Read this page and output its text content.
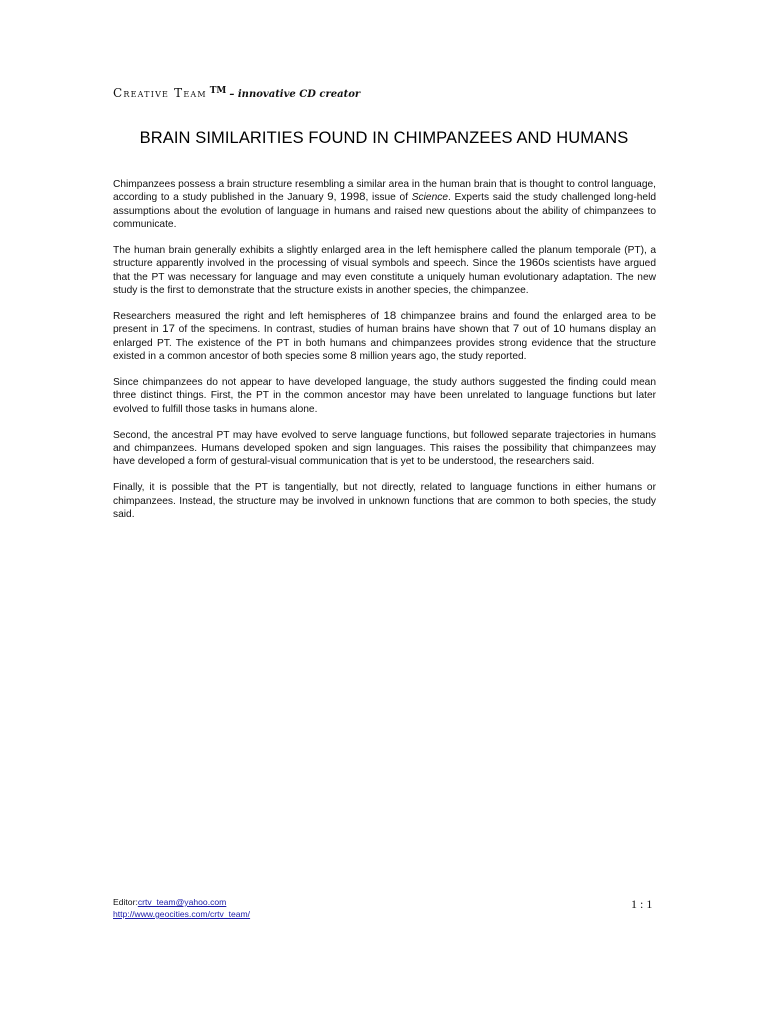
Creative Team ™ – innovative CD creator
BRAIN SIMILARITIES FOUND IN CHIMPANZEES AND HUMANS

Chimpanzees possess a brain structure resembling a similar area in the human brain that is thought to control language, according to a study published in the January 9, 1998, issue of Science. Experts said the study challenged long-held assumptions about the evolution of language in humans and raised new questions about the ability of chimpanzees to communicate.

The human brain generally exhibits a slightly enlarged area in the left hemisphere called the planum temporale (PT), a structure apparently involved in the processing of visual symbols and speech. Since the 1960s scientists have argued that the PT was necessary for language and may even constitute a uniquely human evolutionary adaptation. The new study is the first to demonstrate that the structure exists in another species, the chimpanzee.

Researchers measured the right and left hemispheres of 18 chimpanzee brains and found the enlarged area to be present in 17 of the specimens. In contrast, studies of human brains have shown that 7 out of 10 humans display an enlarged PT. The existence of the PT in both humans and chimpanzees provides strong evidence that the structure existed in a common ancestor of both species some 8 million years ago, the study reported.

Since chimpanzees do not appear to have developed language, the study authors suggested the finding could mean three distinct things. First, the PT in the common ancestor may have been unrelated to language functions but later evolved to fulfill those tasks in humans alone.

Second, the ancestral PT may have evolved to serve language functions, but followed separate trajectories in humans and chimpanzees. Humans developed spoken and sign languages. This raises the possibility that chimpanzees may have developed a form of gestural-visual communication that is yet to be understood, the researchers said.

Finally, it is possible that the PT is tangentially, but not directly, related to language functions in either humans or chimpanzees. Instead, the structure may be involved in unknown functions that are common to both species, the study said.

Editor:crtv_team@yahoo.com
http://www.geocities.com/crtv_team/
1 : 1
